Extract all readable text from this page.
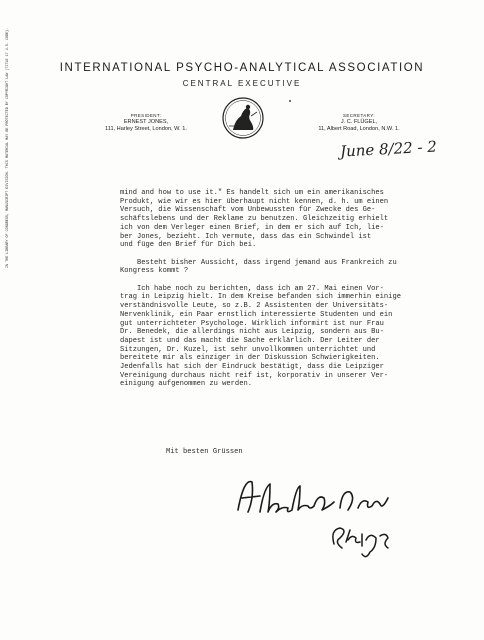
IN THE LIBRARY OF CONGRESS, MANUSCRIPT DIVISION. THIS MATERIAL MAY BE PROTECTED BY COPYRIGHT LAW (TITLE 17 U.S. CODE).	INTERNATIONAL PSYCHO-ANALYTICAL ASSOCIATION
CENTRAL EXECUTIVE
PRESIDENT:
ERNEST JONES,
111, Harley Street, London, W. 1.
SECRETARY:
J. C. FLÜGEL,
11, Albert Road, London, N.W. 1.
June 8/22 - 2
mind and how to use it." Es handelt sich um ein amerikanisches
Produkt, wie wir es hier überhaupt nicht kennen, d. h. um einen
Versuch, die Wissenschaft vom Unbewussten für Zwecke des Ge-
schäftslebens und der Reklame zu benutzen. Gleichzeitig erhielt
ich von dem Verleger einen Brief, in dem er sich auf Ich, lie-
ber Jones, bezieht. Ich vermute, dass das ein Schwindel ist
und füge den Brief für Dich bei.

Besteht bisher Aussicht, dass irgend jemand aus Frankreich zu
Kongress kommt ?

Ich habe noch zu berichten, dass ich am 27. Mai einen Vor-
trag in Leipzig hielt. In dem Kreise befanden sich immerhin einige
verständnisvolle Leute, so z.B. 2 Assistenten der Universitäts-
Nervenklinik, ein Paar ernstlich interessierte Studenten und ein
gut unterrichteter Psychologe. Wirklich informirt ist nur Frau
Dr. Benedek, die allerdings nicht aus Leipzig, sondern aus Bu-
dapest ist und das macht die Sache erklärlich. Der Leiter der
Sitzungen, Dr. Kuzel, ist sehr unvollkommen unterrichtet und
bereitete mir als einziger in der Diskussion Schwierigkeiten.
Jedenfalls hat sich der Eindruck bestätigt, dass die Leipziger
Vereinigung durchaus nicht reif ist, korporativ in unserer Ver-
einigung aufgenommen zu werden.
Mit besten Grüssen
